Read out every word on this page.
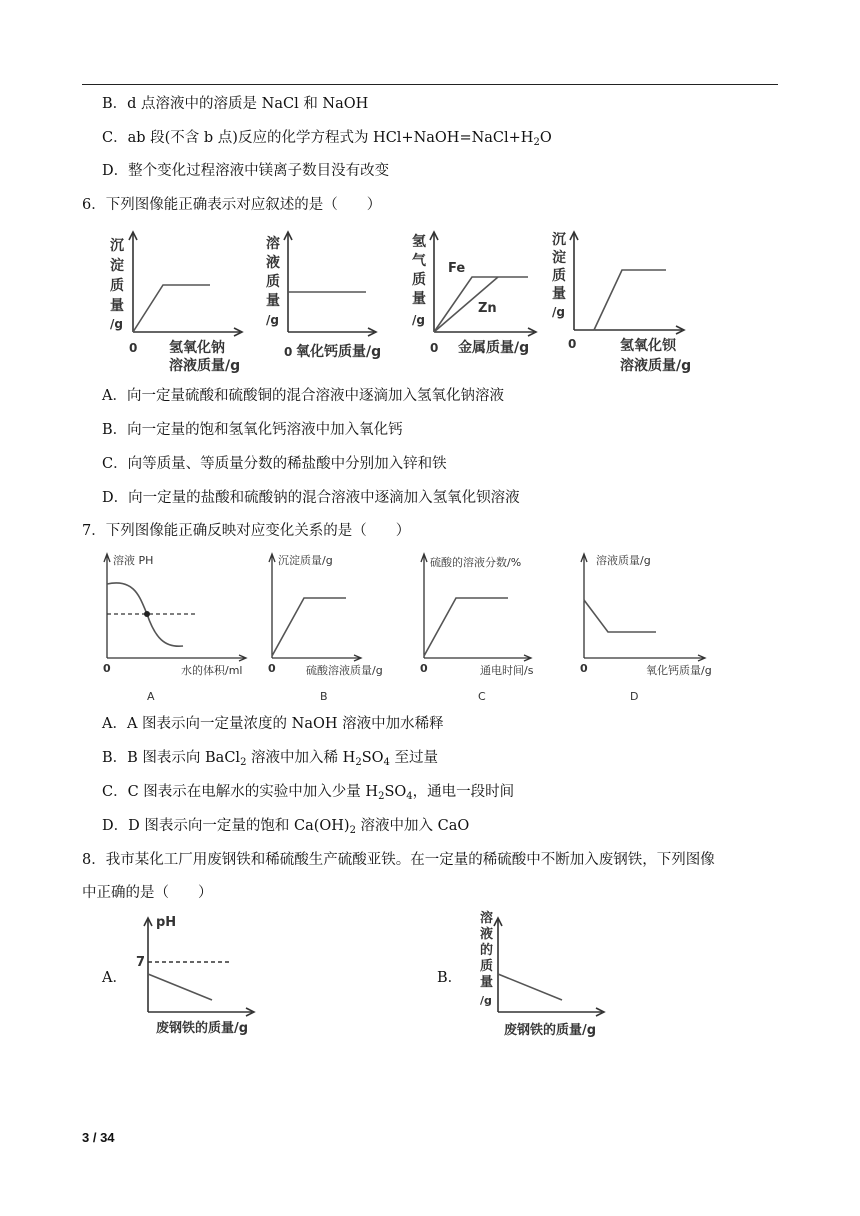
B．d 点溶液中的溶质是 NaCl 和 NaOH
C．ab 段(不含 b 点)反应的化学方程式为 $HCl+NaOH=NaCl+H_2O$
D．整个变化过程溶液中镁离子数目没有改变
6．下列图像能正确表示对应叙述的是（　　）
沉
淀
质
量
/g
0 氢氧化钠
溶液质量/g
溶
液
质
量
/g
0 氧化钙质量/g
氢
气
质
量
/g
Fe
Zn
0 金属质量/g
沉
淀
质
量
/g
0	氢氧化钡
溶液质量/g
A．向一定量硫酸和硫酸铜的混合溶液中逐滴加入氢氧化钠溶液
B．向一定量的饱和氢氧化钙溶液中加入氧化钙
C．向等质量、等质量分数的稀盐酸中分别加入锌和铁
D．向一定量的盐酸和硫酸钠的混合溶液中逐滴加入氢氧化钡溶液
7．下列图像能正确反映对应变化关系的是（　　）
溶液 PH
0	水的体积/ml
A
沉淀质量/g
0	硫酸溶液质量/g
B
硫酸的溶液分数/%
0	通电时间/s
C
溶液质量/g
0	氧化钙质量/g
D
A．A 图表示向一定量浓度的 NaOH 溶液中加水稀释
B．B 图表示向 BaCl$_2$ 溶液中加入稀 $H_2SO_4$ 至过量
C．C 图表示在电解水的实验中加入少量 $H_2SO_4$，通电一段时间
D．D 图表示向一定量的饱和 $Ca(OH)_2$ 溶液中加入 CaO
8．我市某化工厂用废钢铁和稀硫酸生产硫酸亚铁。在一定量的稀硫酸中不断加入废钢铁，下列图像
中正确的是（　　）
A．
pH
7
废钢铁的质量/g
B．
溶
液
的
质
量
/g
废钢铁的质量/g
3 / 34
